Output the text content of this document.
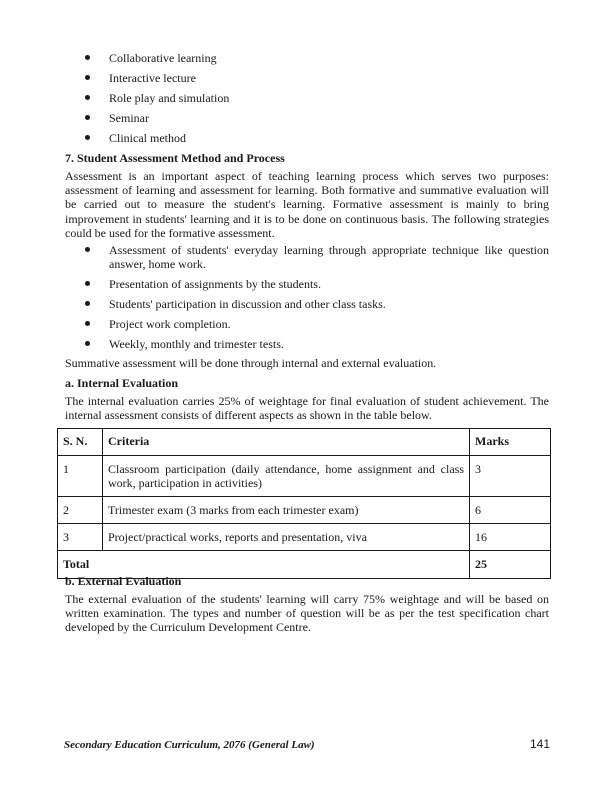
Collaborative learning
Interactive lecture
Role play and simulation
Seminar
Clinical method
7. Student Assessment Method and Process
Assessment is an important aspect of teaching learning process which serves two purposes: assessment of learning and assessment for learning. Both formative and summative evaluation will be carried out to measure the student's learning. Formative assessment is mainly to bring improvement in students' learning and it is to be done on continuous basis. The following strategies could be used for the formative assessment.
Assessment of students' everyday learning through appropriate technique like question answer, home work.
Presentation of assignments by the students.
Students' participation in discussion and other class tasks.
Project work completion.
Weekly, monthly and trimester tests.
Summative assessment will be done through internal and external evaluation.
a. Internal Evaluation
The internal evaluation carries 25% of weightage for final evaluation of student achievement. The internal assessment consists of different aspects as shown in the table below.
S. N.	Criteria	Marks
1	Classroom participation (daily attendance, home assignment and class work, participation in activities)	3
2	Trimester exam (3 marks from each trimester exam)	6
3	Project/practical works, reports and presentation, viva	16
Total		25
b. External Evaluation
The external evaluation of the students' learning will carry 75% weightage and will be based on written examination. The types and number of question will be as per the test specification chart developed by the Curriculum Development Centre.
Secondary Education Curriculum, 2076 (General Law)	141
